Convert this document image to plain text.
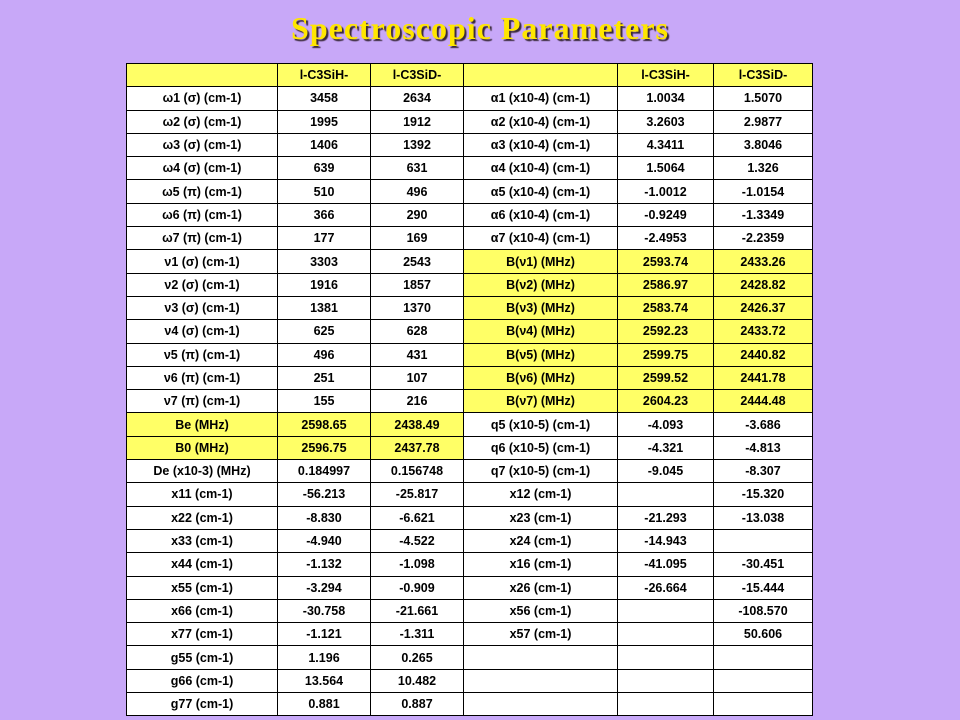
Spectroscopic Parameters
	l-C3SiH-	l-C3SiD-		l-C3SiH-	l-C3SiD-
ω1 (σ) (cm-1)	3458	2634	α1 (x10-4) (cm-1)	1.0034	1.5070
ω2 (σ) (cm-1)	1995	1912	α2 (x10-4) (cm-1)	3.2603	2.9877
ω3 (σ) (cm-1)	1406	1392	α3 (x10-4) (cm-1)	4.3411	3.8046
ω4 (σ) (cm-1)	639	631	α4 (x10-4) (cm-1)	1.5064	1.326
ω5 (π) (cm-1)	510	496	α5 (x10-4) (cm-1)	-1.0012	-1.0154
ω6 (π) (cm-1)	366	290	α6 (x10-4) (cm-1)	-0.9249	-1.3349
ω7 (π) (cm-1)	177	169	α7 (x10-4) (cm-1)	-2.4953	-2.2359
ν1 (σ) (cm-1)	3303	2543	B(ν1) (MHz)	2593.74	2433.26
ν2 (σ) (cm-1)	1916	1857	B(ν2) (MHz)	2586.97	2428.82
ν3 (σ) (cm-1)	1381	1370	B(ν3) (MHz)	2583.74	2426.37
ν4 (σ) (cm-1)	625	628	B(ν4) (MHz)	2592.23	2433.72
ν5 (π) (cm-1)	496	431	B(ν5) (MHz)	2599.75	2440.82
ν6 (π) (cm-1)	251	107	B(ν6) (MHz)	2599.52	2441.78
ν7 (π) (cm-1)	155	216	B(ν7) (MHz)	2604.23	2444.48
Be (MHz)	2598.65	2438.49	q5 (x10-5) (cm-1)	-4.093	-3.686
B0 (MHz)	2596.75	2437.78	q6 (x10-5) (cm-1)	-4.321	-4.813
De (x10-3) (MHz)	0.184997	0.156748	q7 (x10-5) (cm-1)	-9.045	-8.307
x11 (cm-1)	-56.213	-25.817	x12 (cm-1)		-15.320
x22 (cm-1)	-8.830	-6.621	x23 (cm-1)	-21.293	-13.038
x33 (cm-1)	-4.940	-4.522	x24 (cm-1)	-14.943	
x44 (cm-1)	-1.132	-1.098	x16 (cm-1)	-41.095	-30.451
x55 (cm-1)	-3.294	-0.909	x26 (cm-1)	-26.664	-15.444
x66 (cm-1)	-30.758	-21.661	x56 (cm-1)		-108.570
x77 (cm-1)	-1.121	-1.311	x57 (cm-1)		50.606
g55 (cm-1)	1.196	0.265			
g66 (cm-1)	13.564	10.482			
g77 (cm-1)	0.881	0.887			
